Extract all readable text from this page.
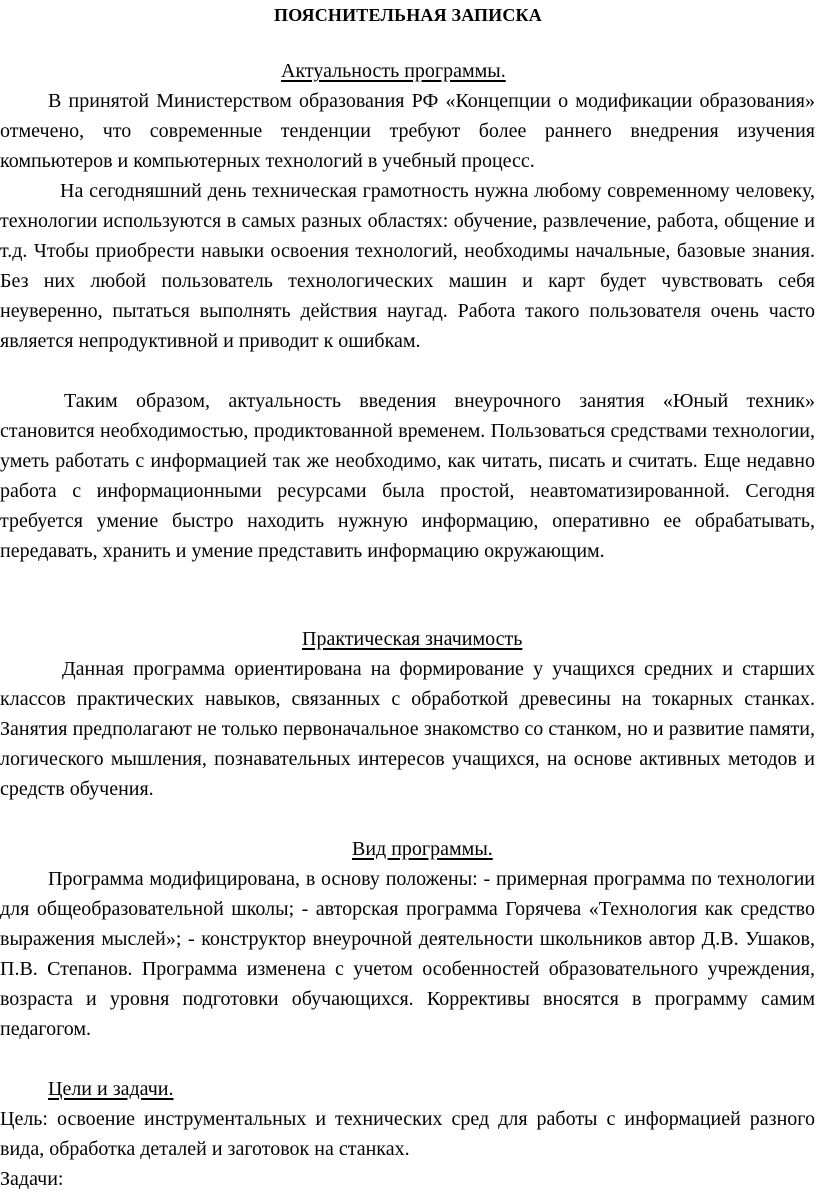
ПОЯСНИТЕЛЬНАЯ ЗАПИСКА
Актуальность программы.

В принятой Министерством образования РФ «Концепции о модификации образования» отмечено, что современные тенденции требуют более раннего внедрения изучения компьютеров и компьютерных технологий в учебный процесс.

На сегодняшний день техническая грамотность нужна любому современному человеку, технологии используются в самых разных областях: обучение, развлечение, работа, общение и т.д. Чтобы приобрести навыки освоения технологий, необходимы начальные, базовые знания. Без них любой пользователь технологических машин и карт будет чувствовать себя неуверенно, пытаться выполнять действия наугад. Работа такого пользователя очень часто является непродуктивной и приводит к ошибкам.

Таким образом, актуальность введения внеурочного занятия «Юный техник» становится необходимостью, продиктованной временем. Пользоваться средствами технологии, уметь работать с информацией так же необходимо, как читать, писать и считать. Еще недавно работа с информационными ресурсами была простой, неавтоматизированной. Сегодня требуется умение быстро находить нужную информацию, оперативно ее обрабатывать, передавать, хранить и умение представить информацию окружающим.

Практическая значимость

Данная программа ориентирована на формирование у учащихся средних и старших классов практических навыков, связанных с обработкой древесины на токарных станках. Занятия предполагают не только первоначальное знакомство со станком, но и развитие памяти, логического мышления, познавательных интересов учащихся, на основе активных методов и средств обучения.

Вид программы.

Программа модифицирована, в основу положены: - примерная программа по технологии для общеобразовательной школы; - авторская программа Горячева «Технология как средство выражения мыслей»; - конструктор внеурочной деятельности школьников автор Д.В. Ушаков, П.В. Степанов. Программа изменена с учетом особенностей образовательного учреждения, возраста и уровня подготовки обучающихся. Коррективы вносятся в программу самим педагогом.

Цели и задачи.

Цель: освоение инструментальных и технических сред для работы с информацией разного вида, обработка деталей и заготовок на станках.

Задачи:
